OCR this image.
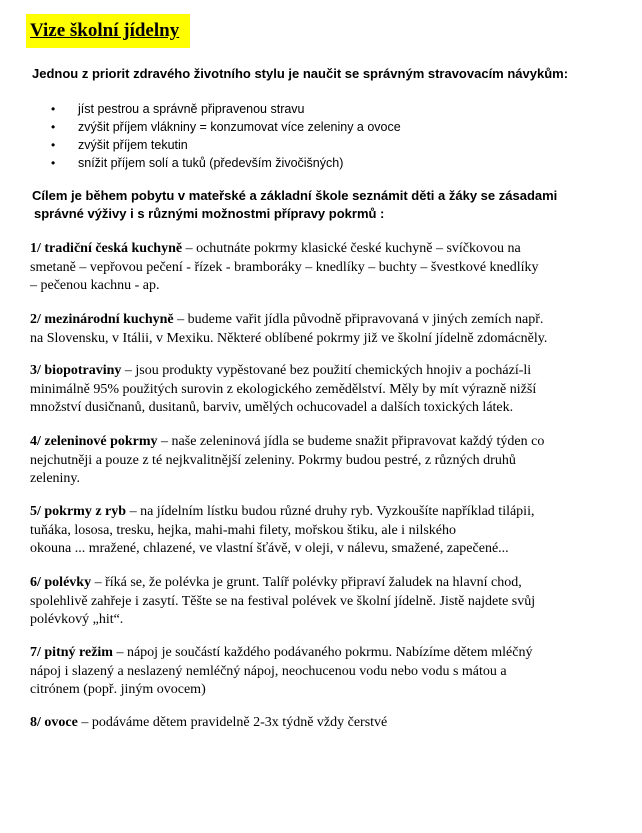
Vize školní jídelny
Jednou z priorit zdravého životního stylu je naučit se správným stravovacím návykům:
• jíst pestrou a správně připravenou stravu
• zvýšit příjem vlákniny = konzumovat více zeleniny a ovoce
• zvýšit příjem tekutin
• snížit příjem solí a tuků (především živočišných)
Cílem je během pobytu v mateřské a základní škole seznámit děti a žáky se zásadami
správné výživy i s různými možnostmi přípravy pokrmů :
1/ tradiční česká kuchyně – ochutnáte pokrmy klasické české kuchyně – svíčkovou na
smetaně – vepřovou pečení - řízek - bramboráky – knedlíky – buchty – švestkové knedlíky
– pečenou kachnu - ap.
2/ mezinárodní kuchyně – budeme vařit jídla původně připravovaná v jiných zemích např.
na Slovensku, v Itálii, v Mexiku. Některé oblíbené pokrmy již ve školní jídelně zdomácněly.
3/ biopotraviny – jsou produkty vypěstované bez použití chemických hnojiv a pochází-li
minimálně 95% použitých surovin z ekologického zemědělství. Měly by mít výrazně nižší
množství dusičnanů, dusitanů, barviv, umělých ochucovadel a dalších toxických látek.
4/ zeleninové pokrmy – naše zeleninová jídla se budeme snažit připravovat každý týden co
nejchutněji a pouze z té nejkvalitnější zeleniny. Pokrmy budou pestré, z různých druhů
zeleniny.
5/ pokrmy z ryb – na jídelním lístku budou různé druhy ryb. Vyzkoušíte například tilápii,
tuňáka, lososa, tresku, hejka, mahi-mahi filety, mořskou štiku, ale i nilského
okouna ... mražené, chlazené, ve vlastní šťávě, v oleji, v nálevu, smažené, zapečené...
6/ polévky – říká se, že polévka je grunt. Talíř polévky připraví žaludek na hlavní chod,
spolehlivě zahřeje i zasytí. Těšte se na festival polévek ve školní jídelně. Jistě najdete svůj
polévkový „hit“.
7/ pitný režim – nápoj je součástí každého podávaného pokrmu. Nabízíme dětem mléčný
nápoj i slazený a neslazený nemléčný nápoj, neochucenou vodu nebo vodu s mátou a
citrónem (popř. jiným ovocem)
8/ ovoce – podáváme dětem pravidelně 2-3x týdně vždy čerstvé
